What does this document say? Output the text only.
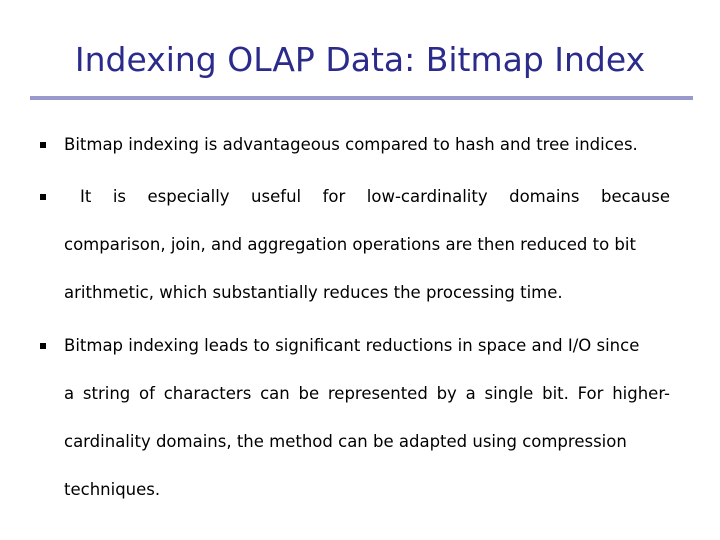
Indexing OLAP Data: Bitmap Index
Bitmap indexing is advantageous compared to hash and tree indices.
It is especially useful for low-cardinality domains because
comparison, join, and aggregation operations are then reduced to bit
arithmetic, which substantially reduces the processing time.
Bitmap indexing leads to significant reductions in space and I/O since
a string of characters can be represented by a single bit. For higher-
cardinality domains, the method can be adapted using compression
techniques.
